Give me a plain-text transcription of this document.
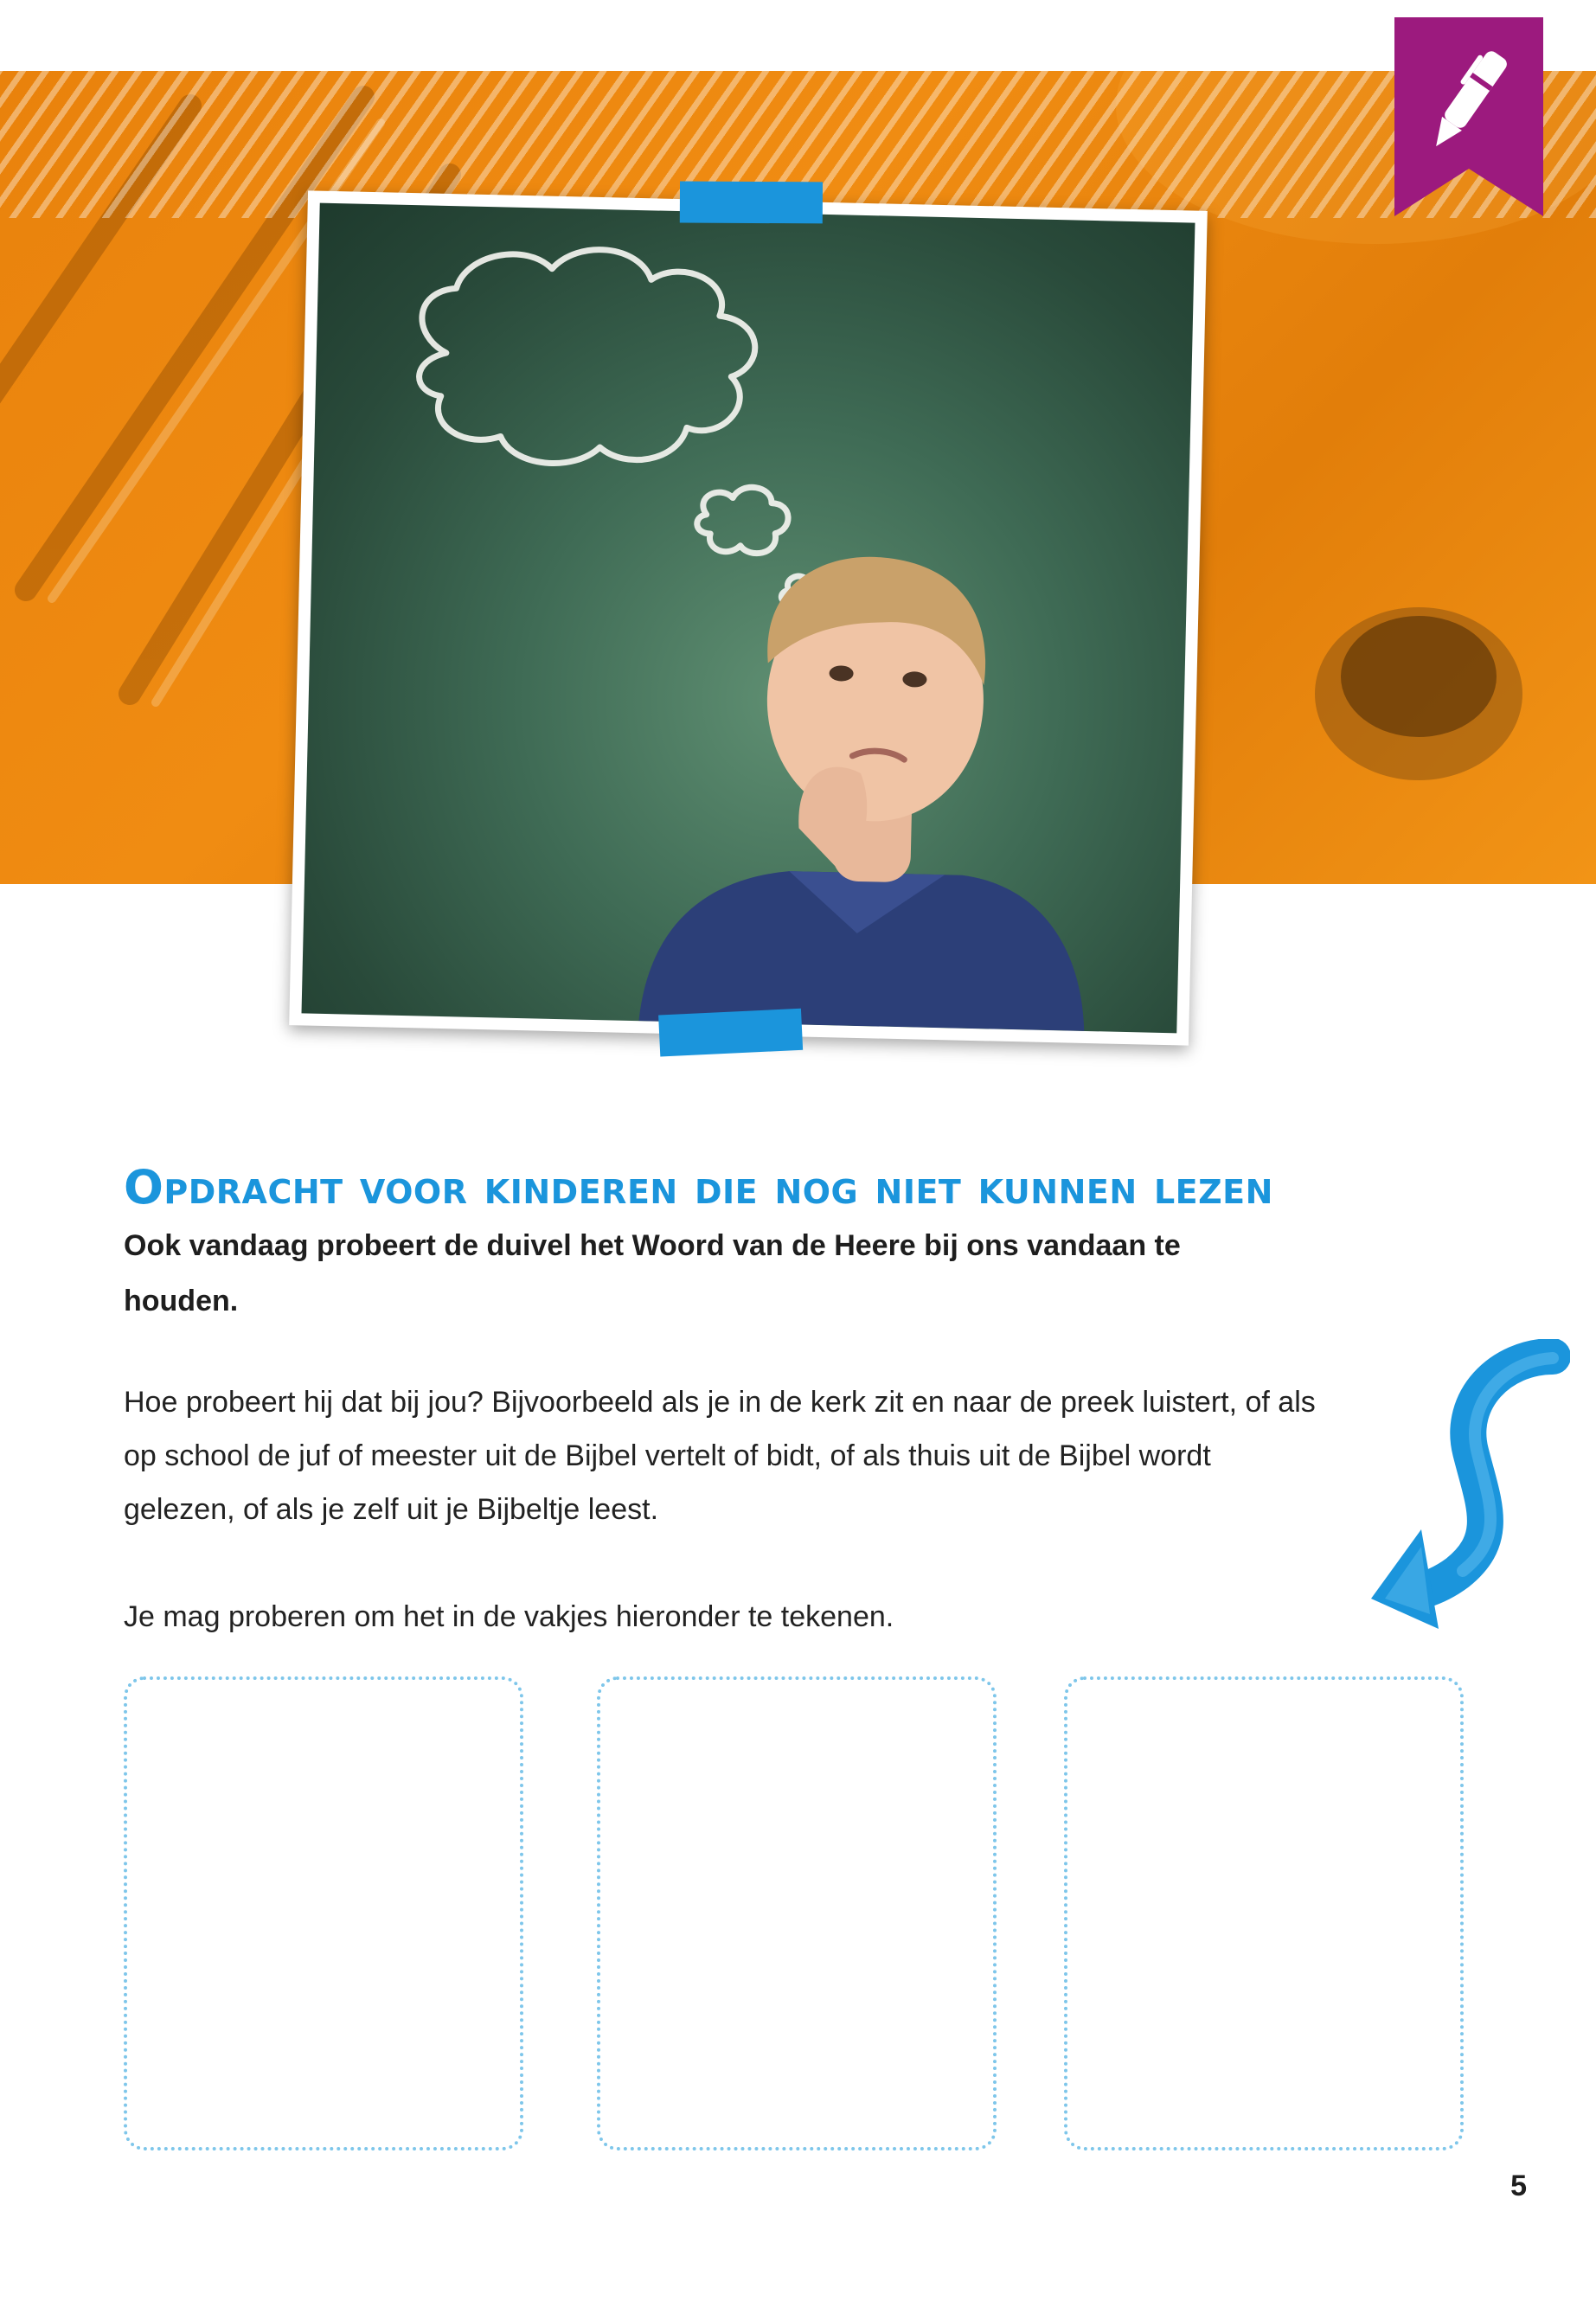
Opdracht voor kinderen die nog niet kunnen lezen

Ook vandaag probeert de duivel het Woord van de Heere bij ons vandaan te houden.

Hoe probeert hij dat bij jou? Bijvoorbeeld als je in de kerk zit en naar de preek luistert, of als op school de juf of meester uit de Bijbel vertelt of bidt, of als thuis uit de Bijbel wordt gelezen, of als je zelf uit je Bijbeltje leest.

Je mag proberen om het in de vakjes hieronder te tekenen.

5
